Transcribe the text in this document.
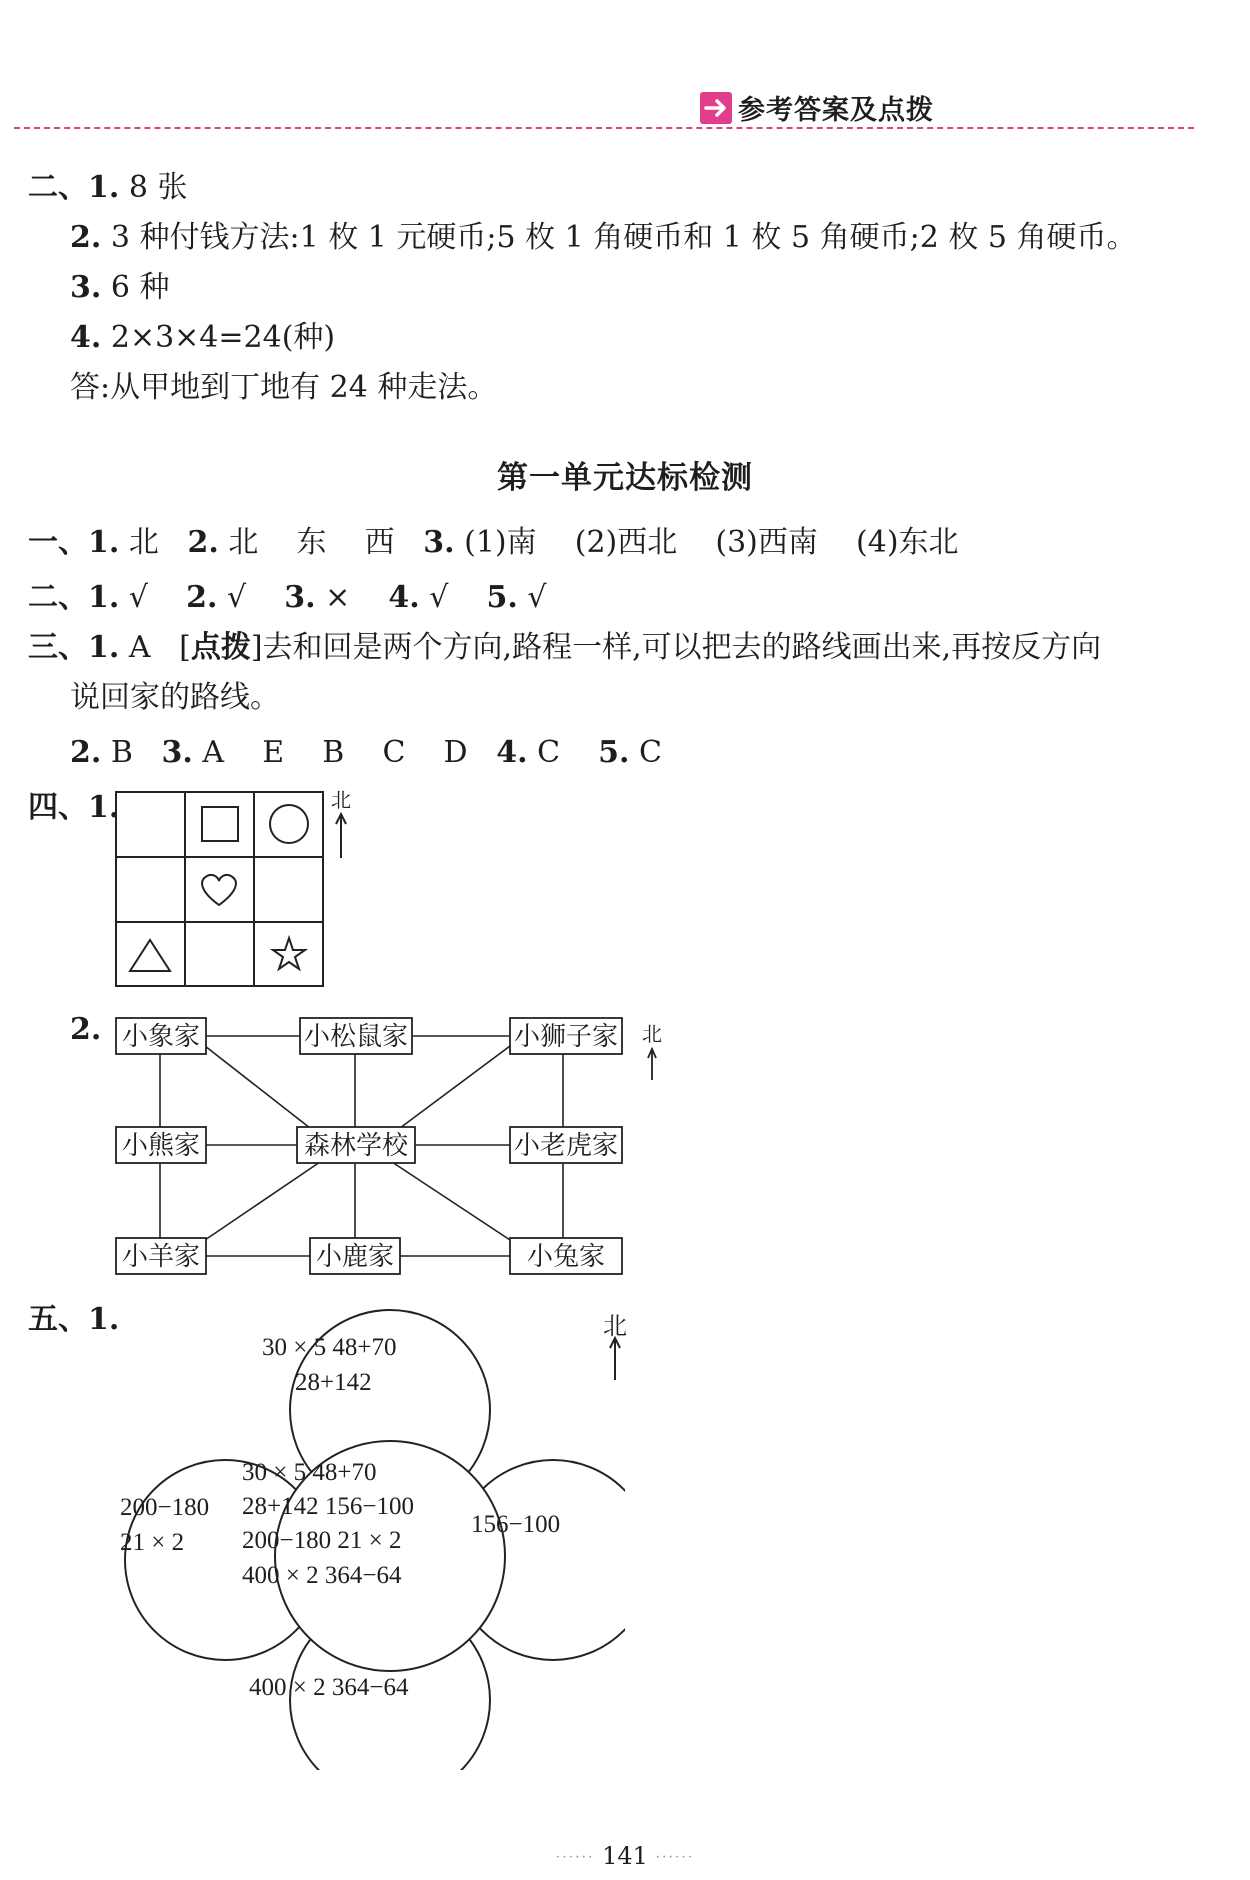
参考答案及点拨
二、1. 8 张
2. 3 种付钱方法:1 枚 1 元硬币;5 枚 1 角硬币和 1 枚 5 角硬币;2 枚 5 角硬币。
3. 6 种
4. 2×3×4=24(种)
答:从甲地到丁地有 24 种走法。
第一单元达标检测
一、1. 北   2. 北    东    西   3. (1)南    (2)西北    (3)西南    (4)东北
二、1. √    2. √    3. ×    4. √    5. √
三、1. A   [点拨]去和回是两个方向,路程一样,可以把去的路线画出来,再按反方向
说回家的路线。
2. B   3. A    E    B    C    D   4. C    5. C
四、1.	北
2. 小象家	小松鼠家	小狮子家
小熊家	森林学校	小老虎家
小羊家	小鹿家	小兔家
北
五、1.	北
30 × 5 48+70
28+142
200−180
21 × 2
156−100
400 × 2 364−64
30 × 5 48+70
28+142 156−100
200−180 21 × 2
400 × 2 364−64
······ 141 ······
